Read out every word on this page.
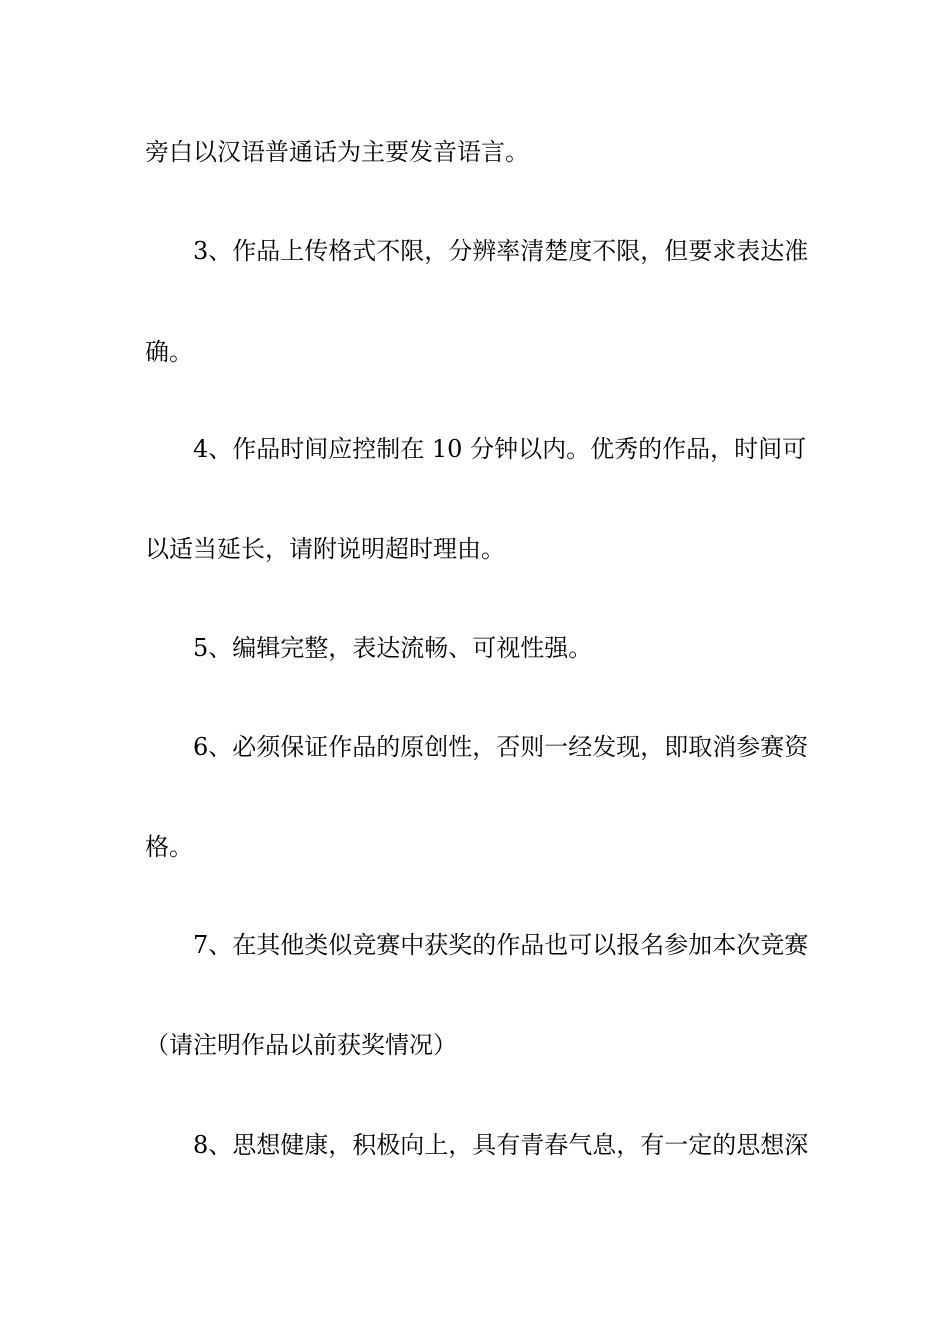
旁白以汉语普通话为主要发音语言。
3、作品上传格式不限，分辨率清楚度不限，但要求表达准
确。
4、作品时间应控制在 10 分钟以内。优秀的作品，时间可
以适当延长，请附说明超时理由。
5、编辑完整，表达流畅、可视性强。
6、必须保证作品的原创性，否则一经发现，即取消参赛资
格。
7、在其他类似竞赛中获奖的作品也可以报名参加本次竞赛
（请注明作品以前获奖情况）
8、思想健康，积极向上，具有青春气息，有一定的思想深
